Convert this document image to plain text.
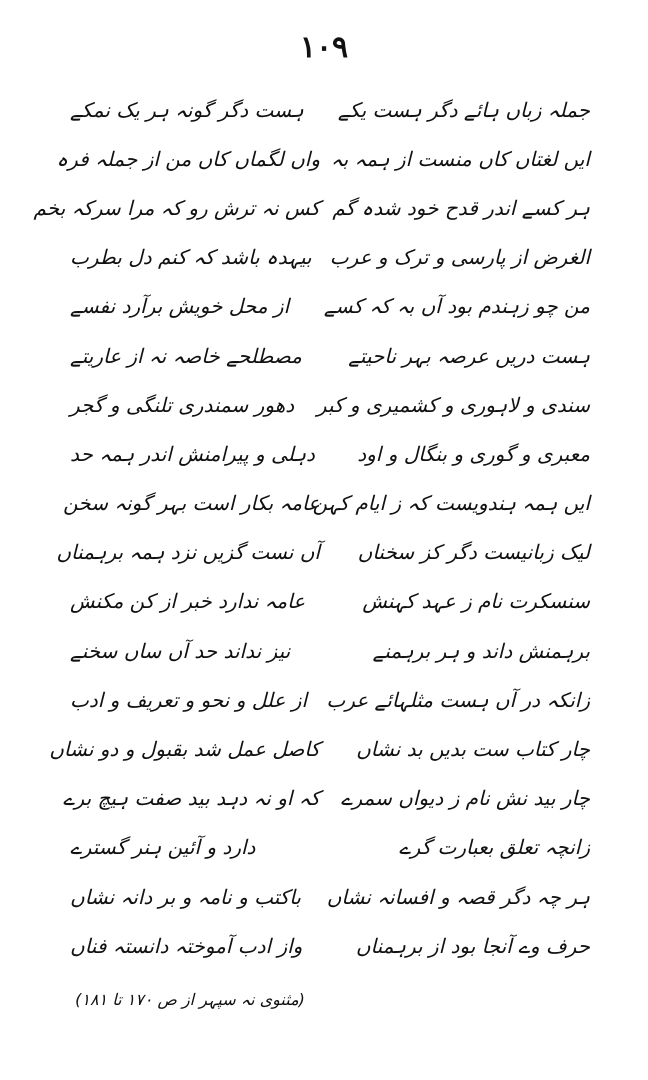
۱۰۹
جملہ زباں ہائے دگر ہست یکے
ہست دگر گونہ ہر یک نمکے
ایں لغتاں کاں منست از ہمہ بہ
واں لگماں کاں من از جملہ فرہ
ہر کسے اندر قدح خود شدہ گم
کس نہ ترش رو کہ مرا سرکہ بخم
الغرض از پارسی و ترک و عرب
بیہدہ باشد کہ کنم دل بطرب
من چو زہندم بود آں بہ کہ کسے
از محل خویش برآرد نفسے
ہست دریں عرصہ بہر ناحیتے
مصطلحے خاصہ نہ از عاریتے
سندی و لاہوری و کشمیری و کبر
دھور سمندری تلنگی و گجر
معبری و گوری و بنگال و اود
دہلی و پیرامنش اندر ہمہ حد
ایں ہمہ ہندویست کہ ز ایام کہن
عامہ بکار است بہر گونہ سخن
لیک زبانیست دگر کز سخناں
آں نست گزیں نزد ہمہ برہمناں
سنسکرت نام ز عہد کہنش
عامہ ندارد خبر از کن مکنش
برہمنش داند و ہر برہمنے
نیز نداند حد آں ساں سخنے
زانکہ در آں ہست مثلہائے عرب
از علل و نحو و تعریف و ادب
چار کتاب ست بدیں بد نشاں
کاصل عمل شد بقبول و دو نشاں
چار بید نش نام ز دیواں سمرے
کہ او نہ دہد بید صفت ہیچ برے
زانچہ تعلق بعبارت گرے
دارد و آئین ہنر گسترے
ہر چہ دگر قصہ و افسانہ نشاں
باکتب و نامہ و بر دانہ نشاں
حرف وے آنجا بود از برہمناں
واز ادب آموختہ دانستہ فناں
(مثنوی نہ سپہر از ص ۱۷۰ تا ۱۸۱)
